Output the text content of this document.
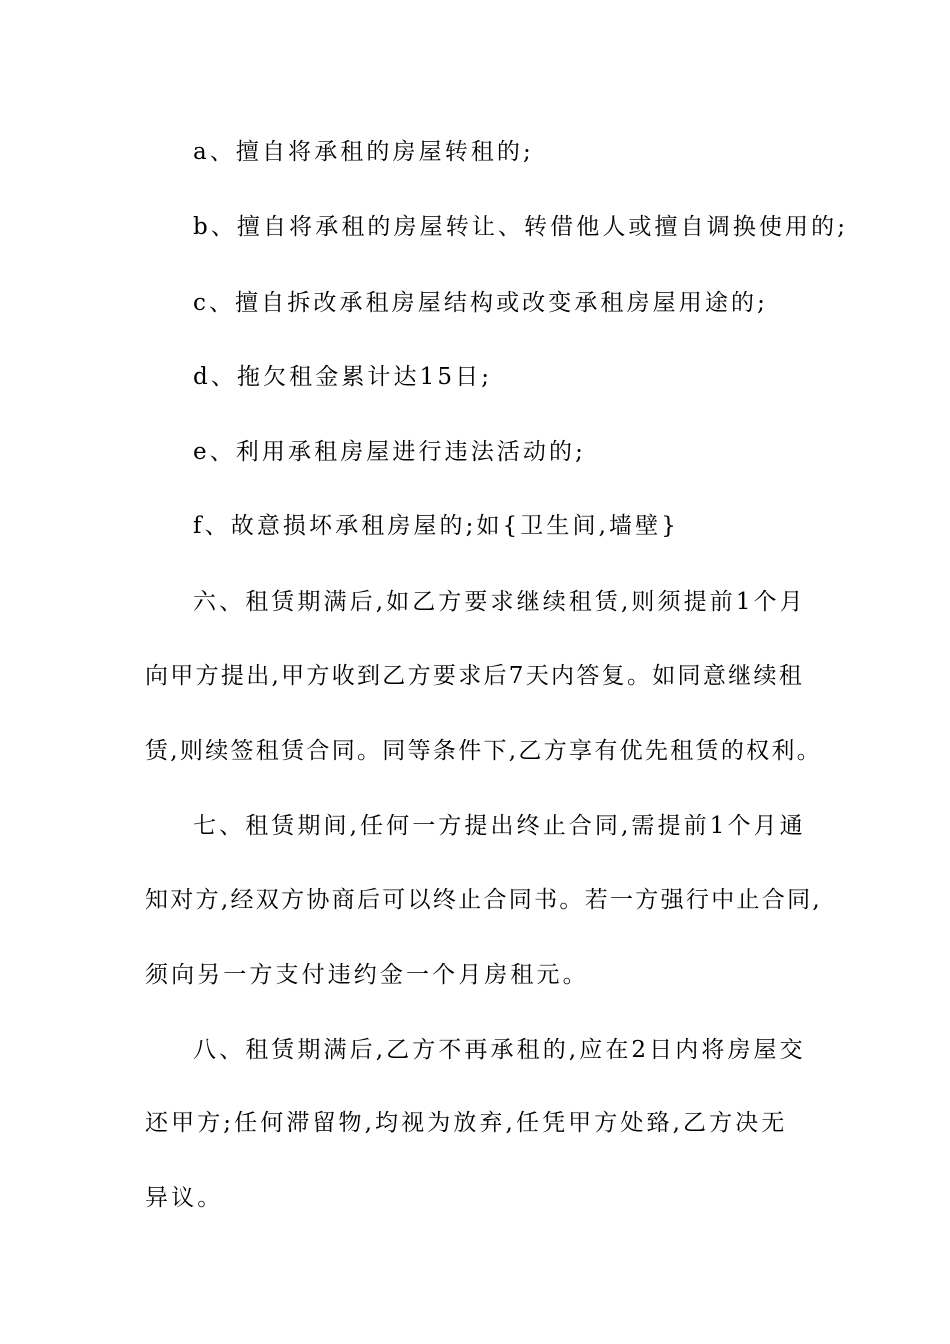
a、擅自将承租的房屋转租的;
b、擅自将承租的房屋转让、转借他人或擅自调换使用的;
c、擅自拆改承租房屋结构或改变承租房屋用途的;
d、拖欠租金累计达15日;
e、利用承租房屋进行违法活动的;
f、故意损坏承租房屋的;如{卫生间,墙壁}
六、租赁期满后,如乙方要求继续租赁,则须提前1个月
向甲方提出,甲方收到乙方要求后7天内答复。如同意继续租
赁,则续签租赁合同。同等条件下,乙方享有优先租赁的权利。
七、租赁期间,任何一方提出终止合同,需提前1个月通
知对方,经双方协商后可以终止合同书。若一方强行中止合同,
须向另一方支付违约金一个月房租元。
八、租赁期满后,乙方不再承租的,应在2日内将房屋交
还甲方;任何滞留物,均视为放弃,任凭甲方处臵,乙方决无
异议。
